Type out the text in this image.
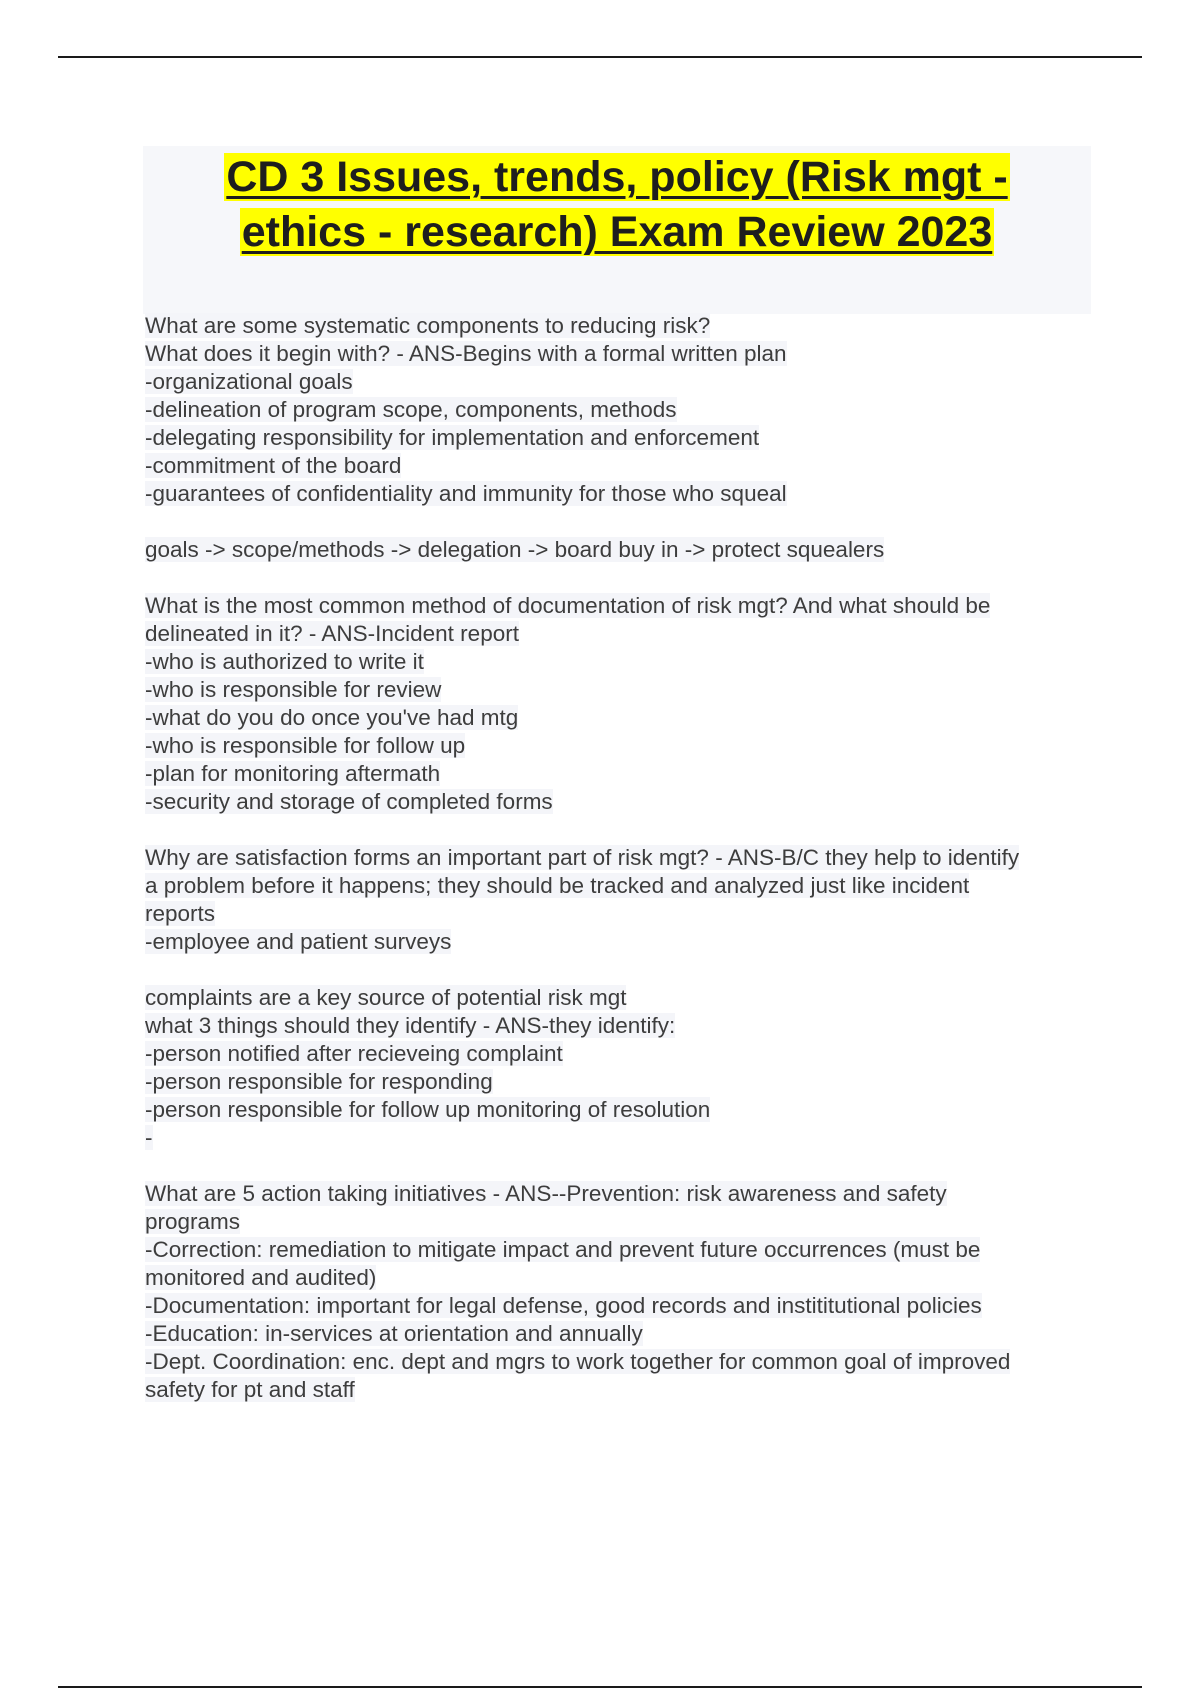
CD 3 Issues, trends, policy (Risk mgt -
ethics - research) Exam Review 2023
What are some systematic components to reducing risk?
What does it begin with? - ANS-Begins with a formal written plan
-organizational goals
-delineation of program scope, components, methods
-delegating responsibility for implementation and enforcement
-commitment of the board
-guarantees of confidentiality and immunity for those who squeal
goals -> scope/methods -> delegation -> board buy in -> protect squealers
What is the most common method of documentation of risk mgt? And what should be
delineated in it? - ANS-Incident report
-who is authorized to write it
-who is responsible for review
-what do you do once you've had mtg
-who is responsible for follow up
-plan for monitoring aftermath
-security and storage of completed forms
Why are satisfaction forms an important part of risk mgt? - ANS-B/C they help to identify
a problem before it happens; they should be tracked and analyzed just like incident
reports
-employee and patient surveys
complaints are a key source of potential risk mgt
what 3 things should they identify - ANS-they identify:
-person notified after recieveing complaint
-person responsible for responding
-person responsible for follow up monitoring of resolution
-
What are 5 action taking initiatives - ANS--Prevention: risk awareness and safety
programs
-Correction: remediation to mitigate impact and prevent future occurrences (must be
monitored and audited)
-Documentation: important for legal defense, good records and instititutional policies
-Education: in-services at orientation and annually
-Dept. Coordination: enc. dept and mgrs to work together for common goal of improved
safety for pt and staff
